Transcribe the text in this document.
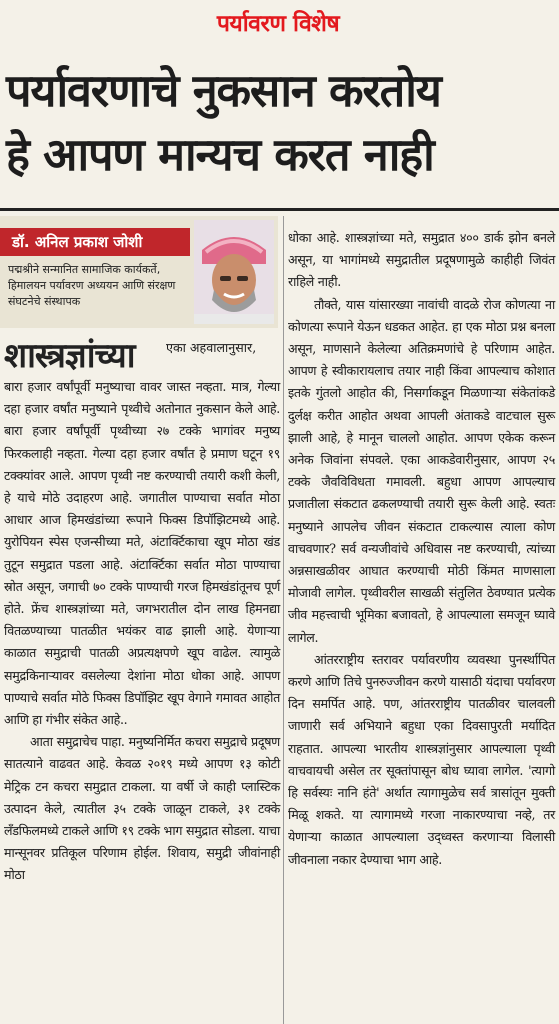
पर्यावरण विशेष
पर्यावरणाचे नुकसान करतोय
हे आपण मान्यच करत नाही
डॉ. अनिल प्रकाश जोशी
पद्मश्रीने सन्मानित सामाजिक कार्यकर्ते, हिमालयन पर्यावरण अध्ययन आणि संरक्षण संघटनेचे संस्थापक
शास्त्रज्ञांच्या	एका अहवालानुसार,

बारा हजार वर्षांपूर्वी मनुष्याचा वावर जास्त नव्हता. मात्र, गेल्या दहा हजार वर्षांत मनुष्याने पृथ्वीचे अतोनात नुकसान केले आहे. बारा हजार वर्षांपूर्वी पृथ्वीच्या २७ टक्के भागांवर मनुष्य फिरकलाही नव्हता. गेल्या दहा हजार वर्षांत हे प्रमाण घटून १९ टक्क्यांवर आले. आपण पृथ्वी नष्ट करण्याची तयारी कशी केली, हे याचे मोठे उदाहरण आहे. जगातील पाण्याचा सर्वात मोठा आधार आज हिमखंडांच्या रूपाने फिक्स डिपॉझिटमध्ये आहे. युरोपियन स्पेस एजन्सीच्या मते, अंटार्क्टिकाचा खूप मोठा खंड तुटून समुद्रात पडला आहे. अंटार्क्टिका सर्वात मोठा पाण्याचा स्रोत असून, जगाची ७० टक्के पाण्याची गरज हिमखंडांतूनच पूर्ण होते. फ्रेंच शास्त्रज्ञांच्या मते, जगभरातील दोन लाख हिमनद्या वितळण्याच्या पातळीत भयंकर वाढ झाली आहे. येणाऱ्या काळात समुद्राची पातळी अप्रत्यक्षपणे खूप वाढेल. त्यामुळे समुद्रकिनाऱ्यावर वसलेल्या देशांना मोठा धोका आहे. आपण पाण्याचे सर्वात मोठे फिक्स डिपॉझिट खूप वेगाने गमावत आहोत आणि हा गंभीर संकेत आहे..

आता समुद्राचेच पाहा. मनुष्यनिर्मित कचरा समुद्राचे प्रदूषण सातत्याने वाढवत आहे. केवळ २०१९ मध्ये आपण १३ कोटी मेट्रिक टन कचरा समुद्रात टाकला. या वर्षी जे काही प्लास्टिक उत्पादन केले, त्यातील ३५ टक्के जाळून टाकले, ३१ टक्के लँडफिलमध्ये टाकले आणि १९ टक्के भाग समुद्रात सोडला. याचा मान्सूनवर प्रतिकूल परिणाम होईल. शिवाय, समुद्री जीवांनाही मोठा

धोका आहे. शास्त्रज्ञांच्या मते, समुद्रात ४०० डार्क झोन बनले असून, या भागांमध्ये समुद्रातील प्रदूषणामुळे काहीही जिवंत राहिले नाही.

तौक्ते, यास यांसारख्या नावांची वादळे रोज कोणत्या ना कोणत्या रूपाने येऊन धडकत आहेत. हा एक मोठा प्रश्न बनला असून, माणसाने केलेल्या अतिक्रमणांचे हे परिणाम आहेत. आपण हे स्वीकारायलाच तयार नाही किंवा आपल्याच कोशात इतके गुंतलो आहोत की, निसर्गाकडून मिळणाऱ्या संकेतांकडे दुर्लक्ष करीत आहोत अथवा आपली अंताकडे वाटचाल सुरू झाली आहे, हे मानून चाललो आहोत. आपण एकेक करून अनेक जिवांना संपवले. एका आकडेवारीनुसार, आपण २५ टक्के जैवविविधता गमावली. बहुधा आपण आपल्याच प्रजातीला संकटात ढकलण्याची तयारी सुरू केली आहे. स्वतः मनुष्याने आपलेच जीवन संकटात टाकल्यास त्याला कोण वाचवणार? सर्व वन्यजीवांचे अधिवास नष्ट करण्याची, त्यांच्या अन्नसाखळीवर आघात करण्याची मोठी किंमत माणसाला मोजावी लागेल. पृथ्वीवरील साखळी संतुलित ठेवण्यात प्रत्येक जीव महत्त्वाची भूमिका बजावतो, हे आपल्याला समजून घ्यावे लागेल.

आंतरराष्ट्रीय स्तरावर पर्यावरणीय व्यवस्था पुनर्स्थापित करणे आणि तिचे पुनरुज्जीवन करणे यासाठी यंदाचा पर्यावरण दिन समर्पित आहे. पण, आंतरराष्ट्रीय पातळीवर चालवली जाणारी सर्व अभियाने बहुधा एका दिवसापुरती मर्यादित राहतात. आपल्या भारतीय शास्त्रज्ञांनुसार आपल्याला पृथ्वी वाचवायची असेल तर सूक्तांपासून बोध घ्यावा लागेल. 'त्यागो हि सर्वस्यः नानि हंते' अर्थात त्यागामुळेच सर्व त्रासांतून मुक्ती मिळू शकते. या त्यागामध्ये गरजा नाकारण्याचा नव्हे, तर येणाऱ्या काळात आपल्याला उद्ध्वस्त करणाऱ्या विलासी जीवनाला नकार देण्याचा भाग आहे.
